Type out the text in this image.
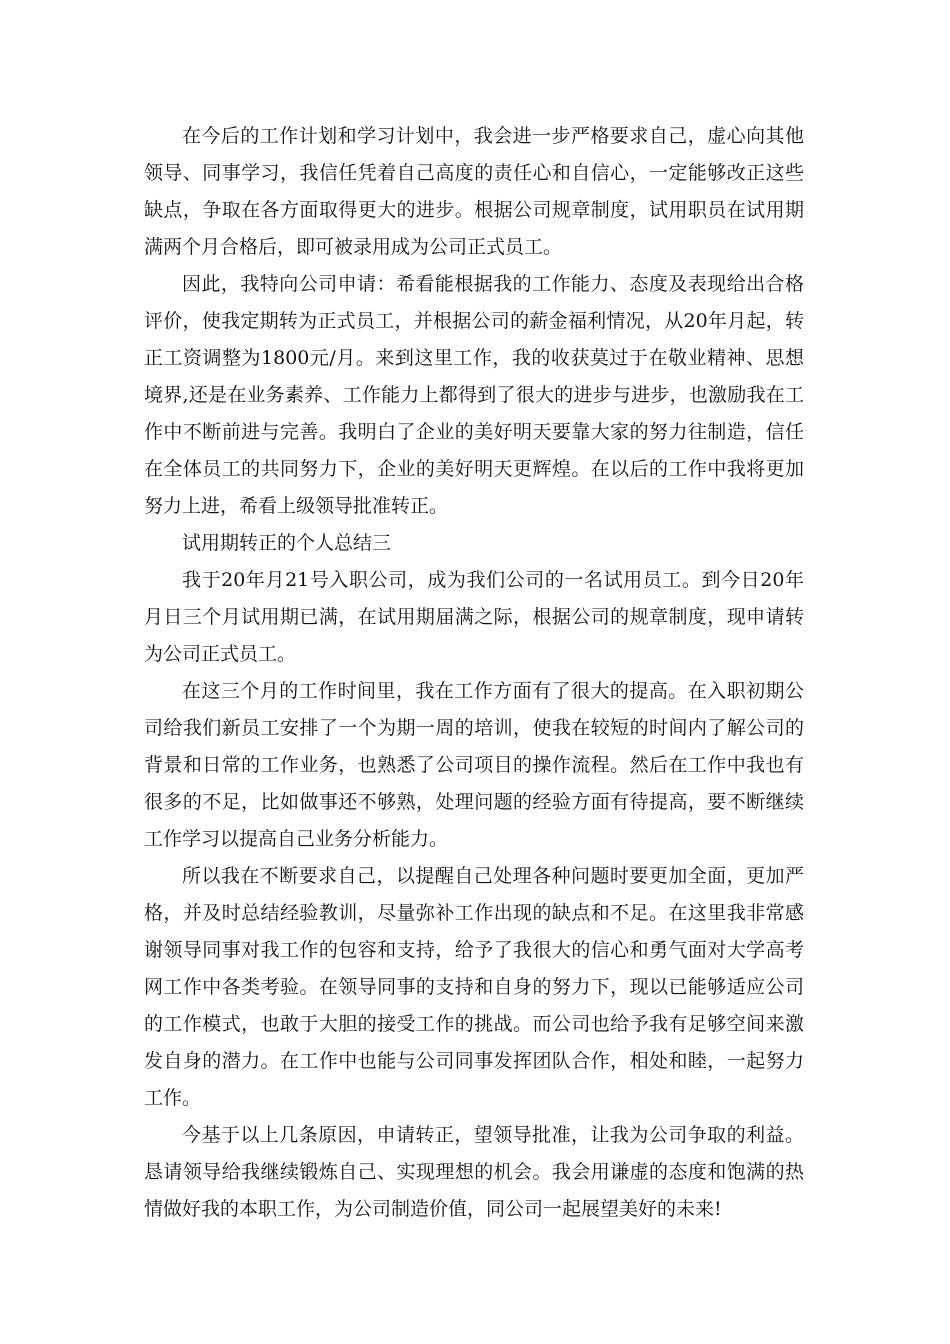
在今后的工作计划和学习计划中，我会进一步严格要求自己，虚心向其他领导、同事学习，我信任凭着自己高度的责任心和自信心，一定能够改正这些缺点，争取在各方面取得更大的进步。根据公司规章制度，试用职员在试用期满两个月合格后，即可被录用成为公司正式员工。

因此，我特向公司申请：希看能根据我的工作能力、态度及表现给出合格评价，使我定期转为正式员工，并根据公司的薪金福利情况，从20年月起，转正工资调整为1800元/月。来到这里工作，我的收获莫过于在敬业精神、思想境界,还是在业务素养、工作能力上都得到了很大的进步与进步，也激励我在工作中不断前进与完善。我明白了企业的美好明天要靠大家的努力往制造，信任在全体员工的共同努力下，企业的美好明天更辉煌。在以后的工作中我将更加努力上进，希看上级领导批准转正。

试用期转正的个人总结三

我于20年月21号入职公司，成为我们公司的一名试用员工。到今日20年月日三个月试用期已满，在试用期届满之际，根据公司的规章制度，现申请转为公司正式员工。

在这三个月的工作时间里，我在工作方面有了很大的提高。在入职初期公司给我们新员工安排了一个为期一周的培训，使我在较短的时间内了解公司的背景和日常的工作业务，也熟悉了公司项目的操作流程。然后在工作中我也有很多的不足，比如做事还不够熟，处理问题的经验方面有待提高，要不断继续工作学习以提高自己业务分析能力。

所以我在不断要求自己，以提醒自己处理各种问题时要更加全面，更加严格，并及时总结经验教训，尽量弥补工作出现的缺点和不足。在这里我非常感谢领导同事对我工作的包容和支持，给予了我很大的信心和勇气面对大学高考网工作中各类考验。在领导同事的支持和自身的努力下，现以已能够适应公司的工作模式，也敢于大胆的接受工作的挑战。而公司也给予我有足够空间来激发自身的潜力。在工作中也能与公司同事发挥团队合作，相处和睦，一起努力工作。

今基于以上几条原因，申请转正，望领导批准，让我为公司争取的利益。恳请领导给我继续锻炼自己、实现理想的机会。我会用谦虚的态度和饱满的热情做好我的本职工作，为公司制造价值，同公司一起展望美好的未来!
